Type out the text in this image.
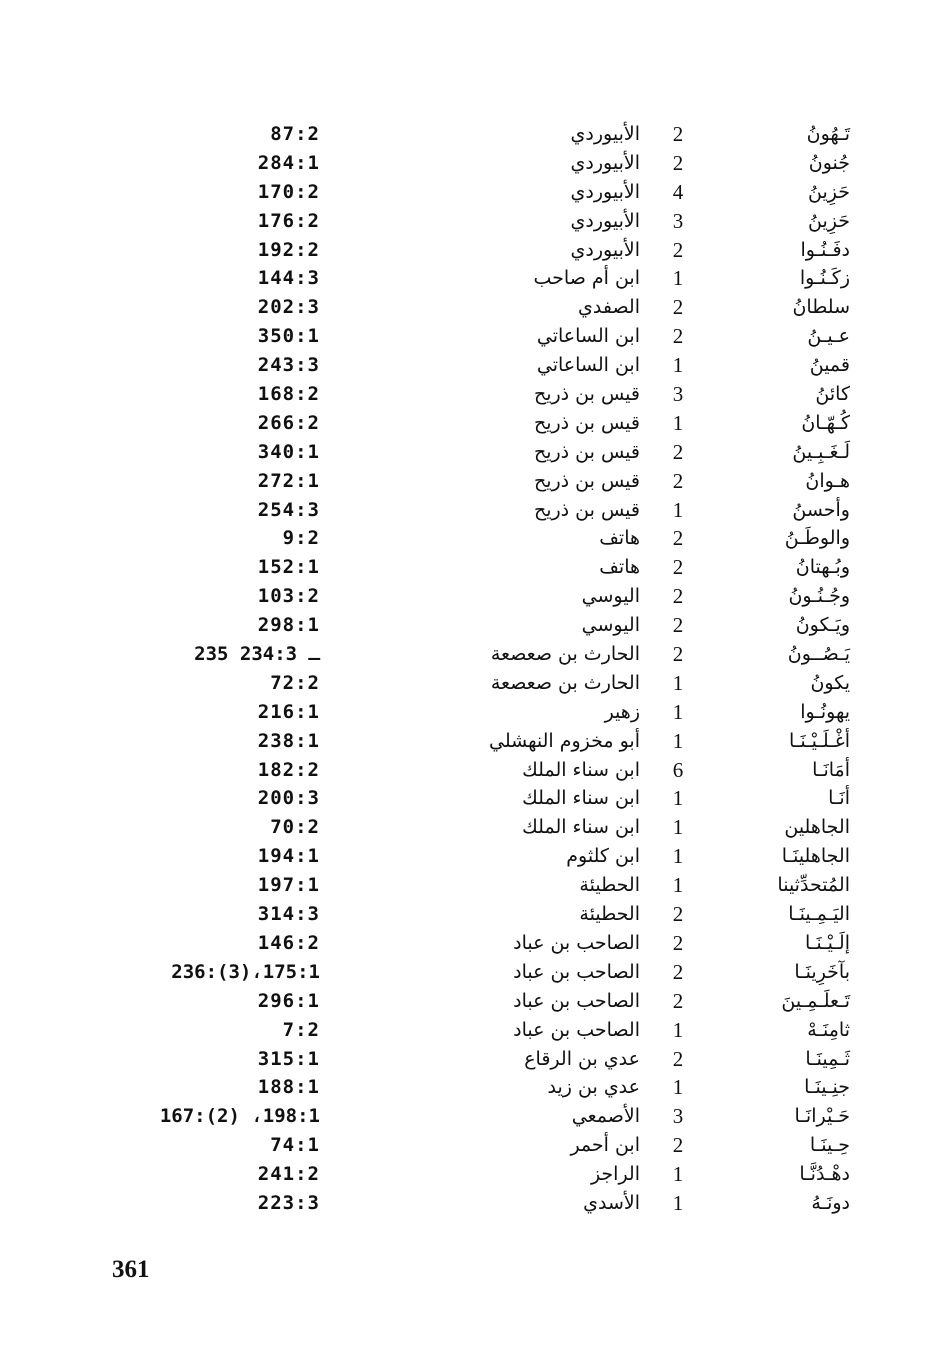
تَـهُونُ
2
الأبيوردي
87:2
جُنونُ
2
الأبيوردي
284:1
حَزِينُ
4
الأبيوردي
170:2
حَزِينُ
3
الأبيوردي
176:2
دفَـنُـوا
2
الأبيوردي
192:2
زكَـنُـوا
1
ابن أم صاحب
144:3
سلطانُ
2
الصفدي
202:3
عـيـنُ
2
ابن الساعاتي
350:1
قمينُ
1
ابن الساعاتي
243:3
كائنُ
3
قيس بن ذريح
168:2
كُـهّـانُ
1
قيس بن ذريح
266:2
لَـغَـبِـينُ
2
قيس بن ذريح
340:1
هـوانُ
2
قيس بن ذريح
272:1
وأحسنُ
1
قيس بن ذريح
254:3
والوطَـنُ
2
هاتف
9:2
وبُـهتانُ
2
هاتف
152:1
وجُـنُـونُ
2
اليوسي
103:2
ويَـكونُ
2
اليوسي
298:1
يَـصُــونُ
2
الحارث بن صعصعة
235 ـ 234:3
يكونُ
1
الحارث بن صعصعة
72:2
يهونُـوا
1
زهير
216:1
أغْـلَـيْـنَـا
1
أبو مخزوم النهشلي
238:1
أمَانَـا
6
ابن سناء الملك
182:2
أنَـا
1
ابن سناء الملك
200:3
الجاهلين
1
ابن سناء الملك
70:2
الجاهلينَـا
1
ابن كلثوم
194:1
المُتحدِّثينا
1
الحطيئة
197:1
اليَـمِـينَـا
2
الحطيئة
314:3
إلَـيْـنَـا
2
الصاحب بن عباد
146:2
بآخَرِينَـا
2
الصاحب بن عباد
236:(3)،175:1
تَـعلَـمِـينَ
2
الصاحب بن عباد
296:1
ثامِنَـهْ
1
الصاحب بن عباد
7:2
ثَـمِينَـا
2
عدي بن الرقاع
315:1
جنِـينَـا
1
عدي بن زيد
188:1
حَـيْرانَـا
3
الأصمعي
167:(2) ،198:1
حِـينَـا
2
ابن أحمر
74:1
دهْـدُنَّـا
1
الراجز
241:2
دونَـهُ
1
الأسدي
223:3
361
